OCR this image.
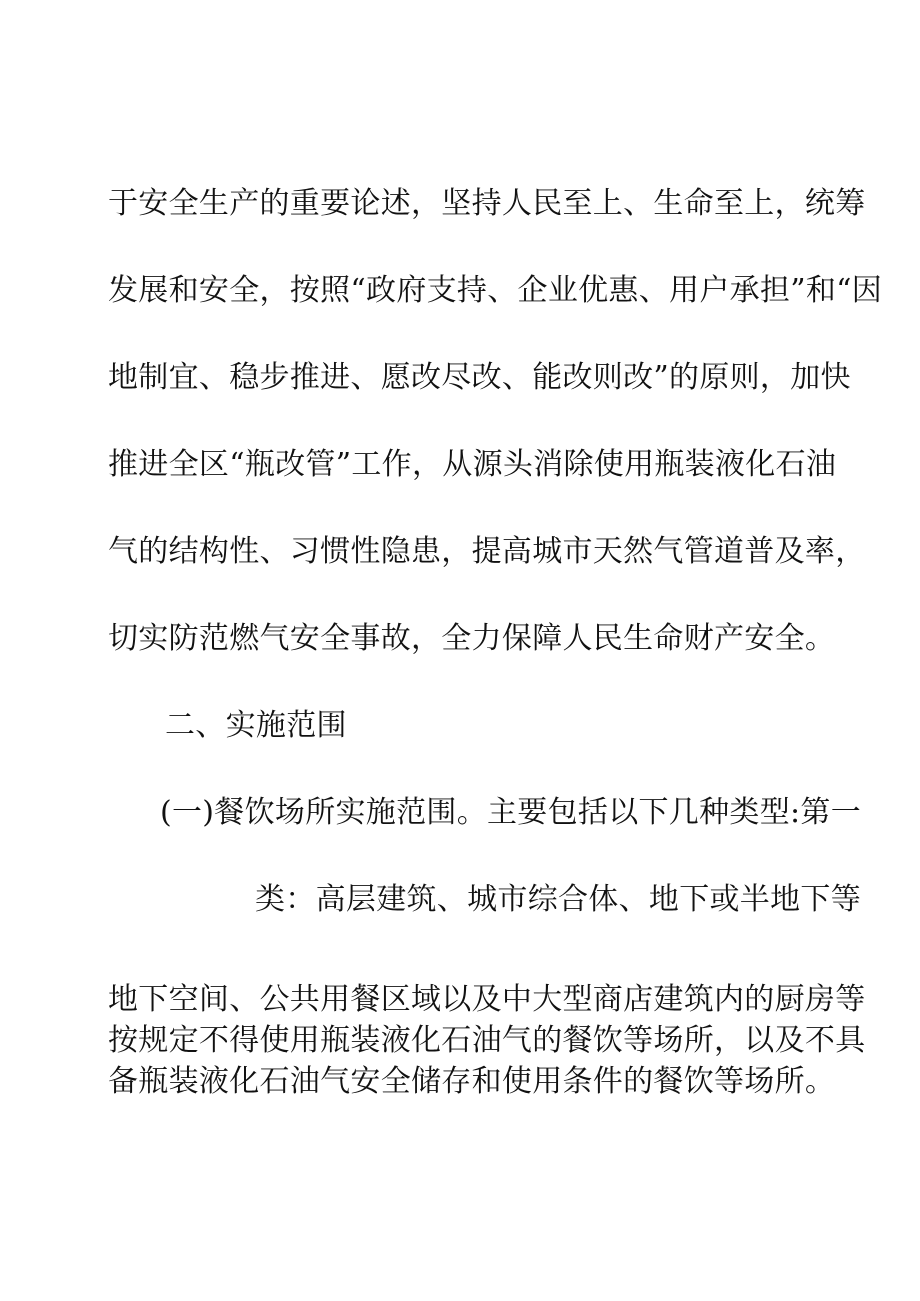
于安全生产的重要论述，坚持人民至上、生命至上，统筹
发展和安全，按照“政府支持、企业优惠、用户承担”和“因
地制宜、稳步推进、愿改尽改、能改则改”的原则，加快
推进全区“瓶改管”工作，从源头消除使用瓶装液化石油
气的结构性、习惯性隐患，提高城市天然气管道普及率，
切实防范燃气安全事故，全力保障人民生命财产安全。
二、实施范围
(一)餐饮场所实施范围。主要包括以下几种类型:第一
类：高层建筑、城市综合体、地下或半地下等
地下空间、公共用餐区域以及中大型商店建筑内的厨房等
按规定不得使用瓶装液化石油气的餐饮等场所，以及不具
备瓶装液化石油气安全储存和使用条件的餐饮等场所。
